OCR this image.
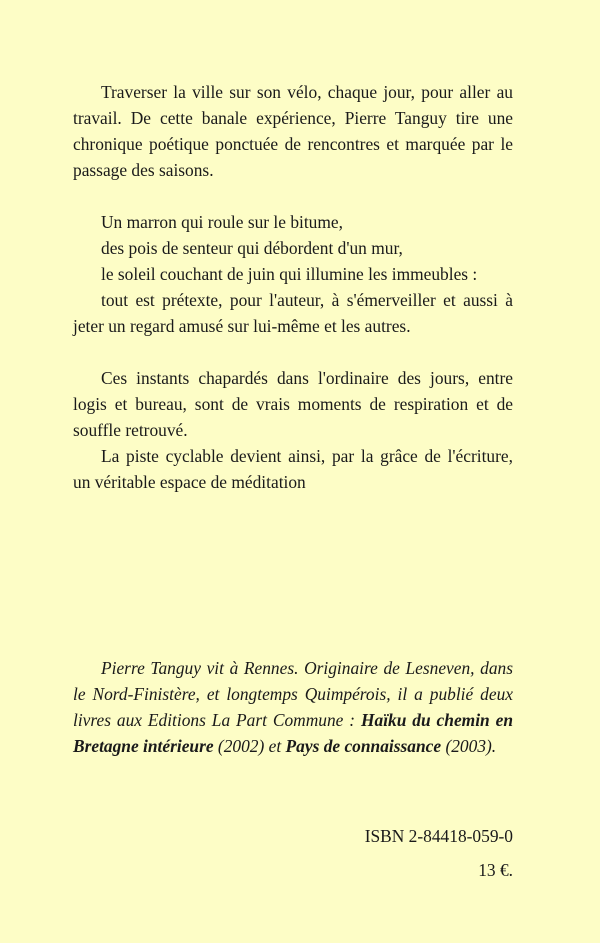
Traverser la ville sur son vélo, chaque jour, pour aller au travail. De cette banale expérience, Pierre Tanguy tire une chronique poétique ponctuée de rencontres et marquée par le passage des saisons.

Un marron qui roule sur le bitume,

des pois de senteur qui débordent d'un mur,

le soleil couchant de juin qui illumine les immeubles :

tout est prétexte, pour l'auteur, à s'émerveiller et aussi à jeter un regard amusé sur lui-même et les autres.

Ces instants chapardés dans l'ordinaire des jours, entre logis et bureau, sont de vrais moments de respiration et de souffle retrouvé.

La piste cyclable devient ainsi, par la grâce de l'écriture, un véritable espace de méditation

Pierre Tanguy vit à Rennes. Originaire de Lesneven, dans le Nord-Finistère, et longtemps Quimpérois, il a publié deux livres aux Editions La Part Commune : Haïku du chemin en Bretagne intérieure (2002) et Pays de connaissance (2003).

ISBN 2-84418-059-0
13 €.
